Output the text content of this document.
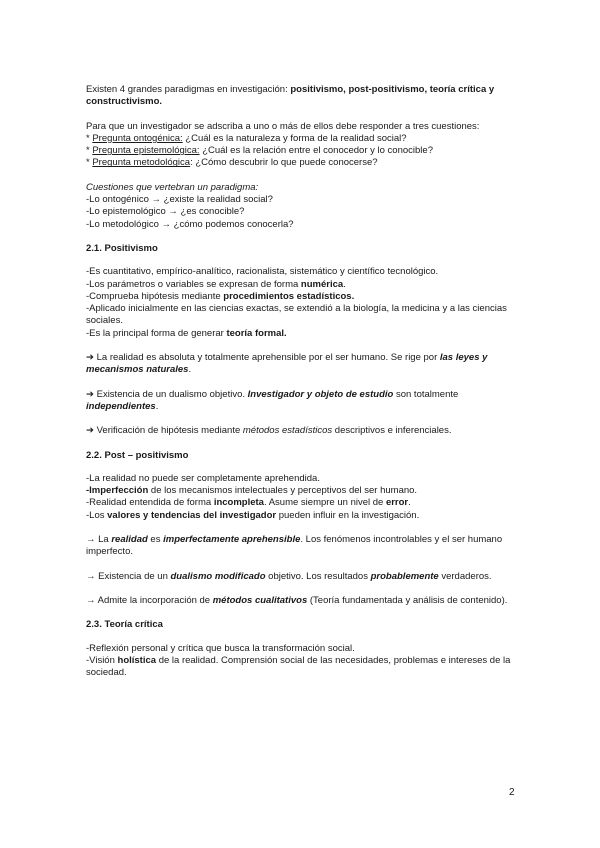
Existen 4 grandes paradigmas en investigación: positivismo, post-positivismo, teoría crítica y constructivismo.

Para que un investigador se adscriba a uno o más de ellos debe responder a tres cuestiones:

* Pregunta ontogénica: ¿Cuál es la naturaleza y forma de la realidad social?

* Pregunta epistemológica: ¿Cuál es la relación entre el conocedor y lo conocible?

* Pregunta metodológica: ¿Cómo descubrir lo que puede conocerse?

Cuestiones que vertebran un paradigma:

-Lo ontogénico → ¿existe la realidad social?

-Lo epistemológico → ¿es conocible?

-Lo metodológico → ¿cómo podemos conocerla?

2.1. Positivismo

-Es cuantitativo, empírico-analítico, racionalista, sistemático y científico tecnológico.

-Los parámetros o variables se expresan de forma numérica.

-Comprueba hipótesis mediante procedimientos estadísticos.

-Aplicado inicialmente en las ciencias exactas, se extendió a la biología, la medicina y a las ciencias sociales.

-Es la principal forma de generar teoría formal.

➔ La realidad es absoluta y totalmente aprehensible por el ser humano. Se rige por las leyes y mecanismos naturales.

➔ Existencia de un dualismo objetivo. Investigador y objeto de estudio son totalmente independientes.

➔ Verificación de hipótesis mediante métodos estadísticos descriptivos e inferenciales.

2.2. Post – positivismo

-La realidad no puede ser completamente aprehendida.

-Imperfección de los mecanismos intelectuales y perceptivos del ser humano.

-Realidad entendida de forma incompleta. Asume siempre un nivel de error.

-Los valores y tendencias del investigador pueden influir en la investigación.

→ La realidad es imperfectamente aprehensible. Los fenómenos incontrolables y el ser humano imperfecto.

→ Existencia de un dualismo modificado objetivo. Los resultados probablemente verdaderos.

→ Admite la incorporación de métodos cualitativos (Teoría fundamentada y análisis de contenido).

2.3. Teoría crítica

-Reflexión personal y crítica que busca la transformación social.

-Visión holística de la realidad. Comprensión social de las necesidades, problemas e intereses de la sociedad.

2
